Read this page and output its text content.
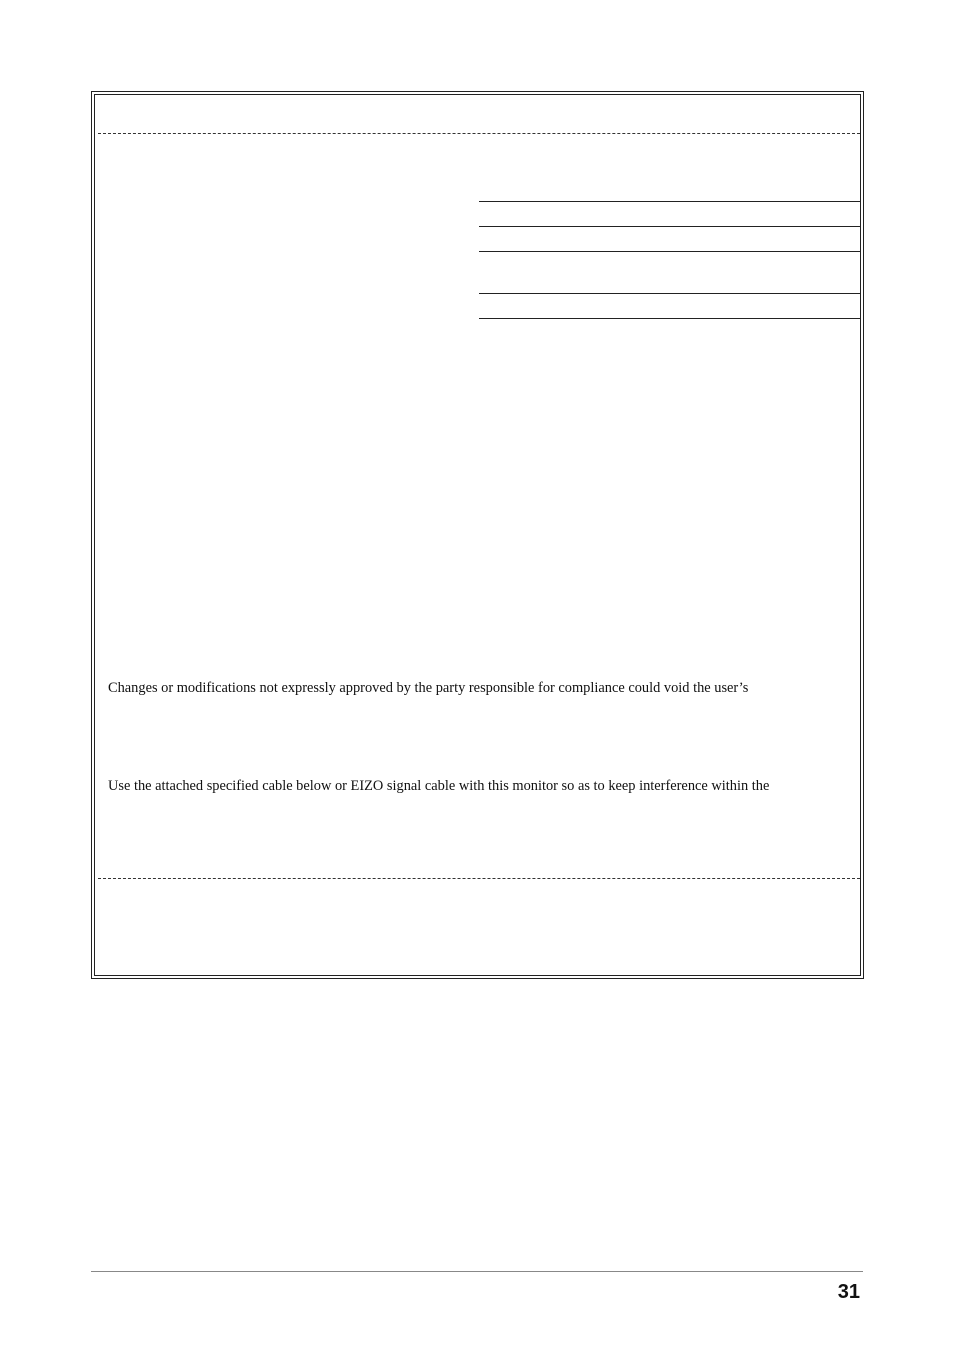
Changes or modifications not expressly approved by the party responsible for compliance could void the user’s
Use the attached specified cable below or EIZO signal cable with this monitor so as to keep interference within the
31
